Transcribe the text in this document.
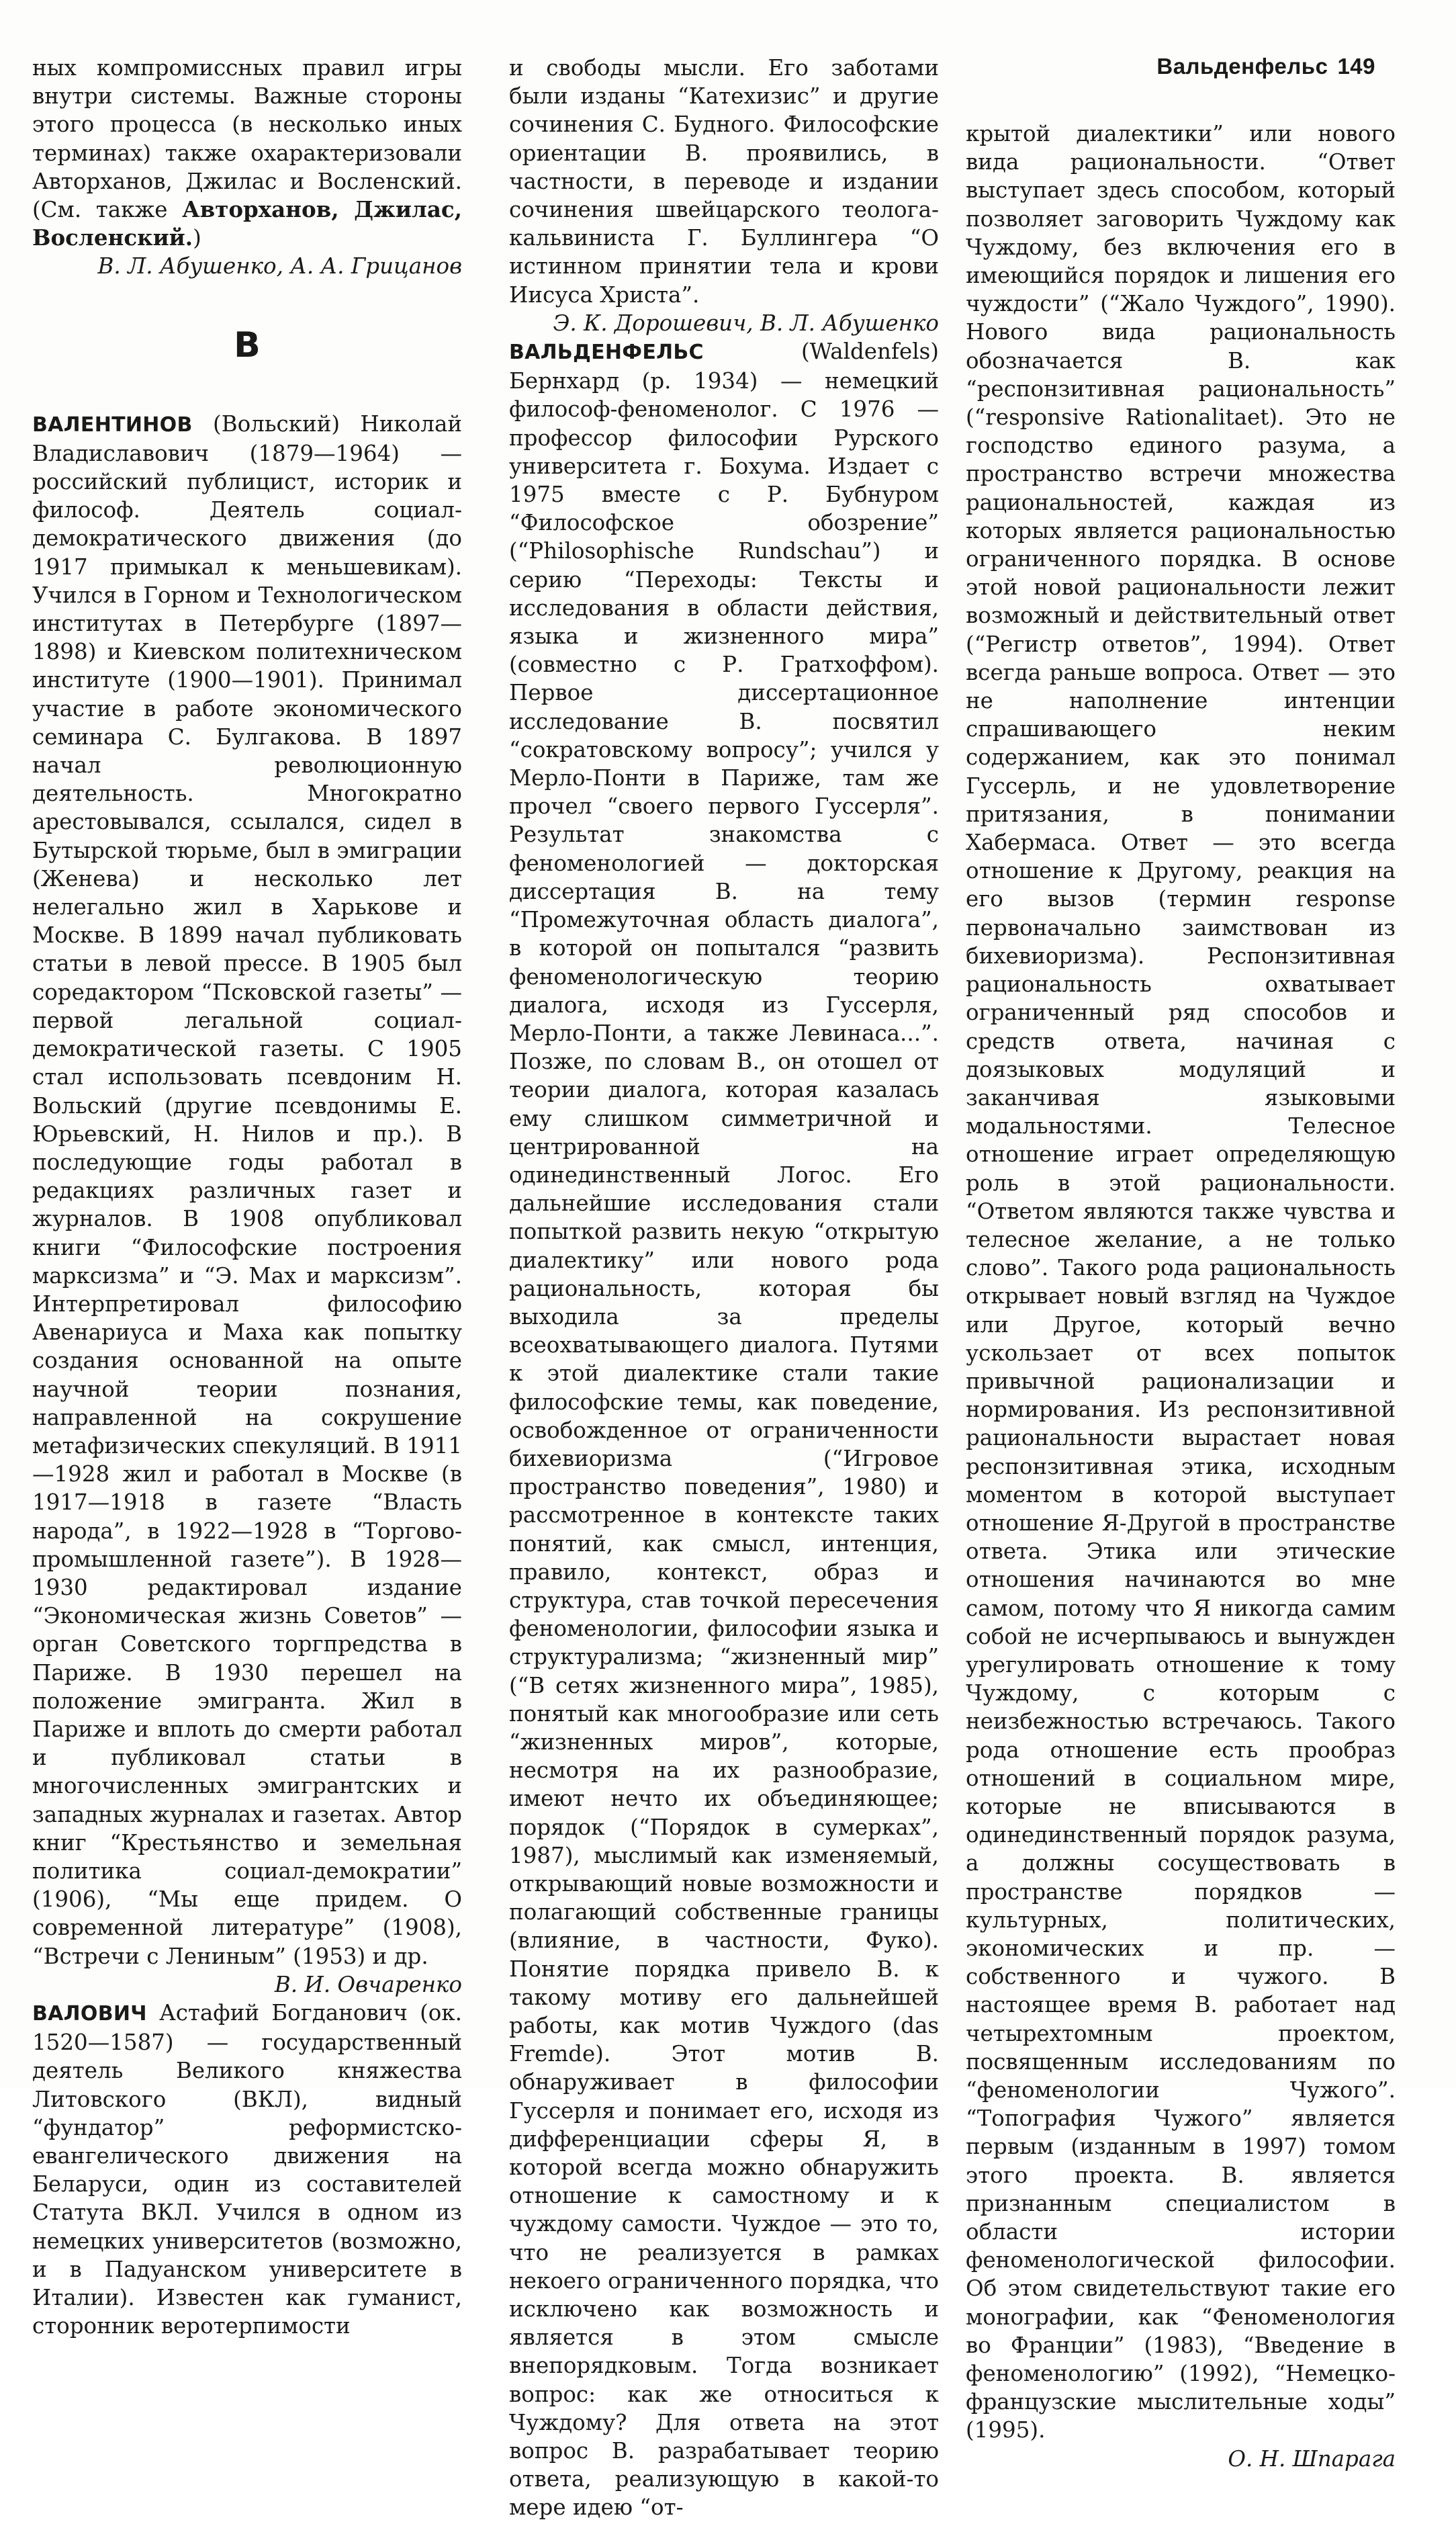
Вальденфельс 149

ных компромиссных правил игры внутри системы. Важные стороны этого процесса (в несколько иных терминах) также охарактеризовали Авторханов, Джилас и Восленский. (См. также Авторханов, Джилас, Восленский.)

В. Л. Абушенко, А. А. Грицанов

В

ВАЛЕНТИНОВ (Вольский) Николай Владиславович (1879—1964) — российский публицист, историк и философ. Деятель социал-демократического движения (до 1917 примыкал к меньшевикам). Учился в Горном и Технологическом институтах в Петербурге (1897—1898) и Киевском политехническом институте (1900—1901). Принимал участие в работе экономического семинара С. Булгакова. В 1897 начал революционную деятельность. Многократно арестовывался, ссылался, сидел в Бутырской тюрьме, был в эмиграции (Женева) и несколько лет нелегально жил в Харькове и Москве. В 1899 начал публиковать статьи в левой прессе. В 1905 был соредактором “Псковской газеты” — первой легальной социал-демократической газеты. С 1905 стал использовать псевдоним Н. Вольский (другие псевдонимы Е. Юрьевский, Н. Нилов и пр.). В последующие годы работал в редакциях различных газет и журналов. В 1908 опубликовал книги “Философские построения марксизма” и “Э. Мах и марксизм”. Интерпретировал философию Авенариуса и Маха как попытку создания основанной на опыте научной теории познания, направленной на сокрушение метафизических спекуляций. В 1911—1928 жил и работал в Москве (в 1917—1918 в газете “Власть народа”, в 1922—1928 в “Торгово-промышленной газете”). В 1928—1930 редактировал издание “Экономическая жизнь Советов” — орган Советского торгпредства в Париже. В 1930 перешел на положение эмигранта. Жил в Париже и вплоть до смерти работал и публиковал статьи в многочисленных эмигрантских и западных журналах и газетах. Автор книг “Крестьянство и земельная политика социал-демократии” (1906), “Мы еще придем. О современной литературе” (1908), “Встречи с Лениным” (1953) и др.

В. И. Овчаренко

ВАЛОВИЧ Астафий Богданович (ок. 1520—1587) — государственный деятель Великого княжества Литовского (ВКЛ), видный “фундатор” реформистско-евангелического движения на Беларуси, один из составителей Статута ВКЛ. Учился в одном из немецких университетов (возможно, и в Падуанском университете в Италии). Известен как гуманист, сторонник веротерпимости

и свободы мысли. Его заботами были изданы “Катехизис” и другие сочинения С. Будного. Философские ориентации В. проявились, в частности, в переводе и издании сочинения швейцарского теолога-кальвиниста Г. Буллингера “О истинном принятии тела и крови Иисуса Христа”.

Э. К. Дорошевич, В. Л. Абушенко

ВАЛЬДЕНФЕЛЬС (Waldenfels) Бернхард (р. 1934) — немецкий философ-феноменолог. С 1976 — профессор философии Рурского университета г. Бохума. Издает с 1975 вместе с Р. Бубнуром “Философское обозрение” (“Philosophische Rundschau”) и серию “Переходы: Тексты и исследования в области действия, языка и жизненного мира” (совместно с Р. Гратхоффом). Первое диссертационное исследование В. посвятил “сократовскому вопросу”; учился у Мерло-Понти в Париже, там же прочел “своего первого Гуссерля”. Результат знакомства с феноменологией — докторская диссертация В. на тему “Промежуточная область диалога”, в которой он попытался “развить феноменологическую теорию диалога, исходя из Гуссерля, Мерло-Понти, а также Левинаса...”. Позже, по словам В., он отошел от теории диалога, которая казалась ему слишком симметричной и центрированной на одинединственный Логос. Его дальнейшие исследования стали попыткой развить некую “открытую диалектику” или нового рода рациональность, которая бы выходила за пределы всеохватывающего диалога. Путями к этой диалектике стали такие философские темы, как поведение, освобожденное от ограниченности бихевиоризма (“Игровое пространство поведения”, 1980) и рассмотренное в контексте таких понятий, как смысл, интенция, правило, контекст, образ и структура, став точкой пересечения феноменологии, философии языка и структурализма; “жизненный мир” (“В сетях жизненного мира”, 1985), понятый как многообразие или сеть “жизненных миров”, которые, несмотря на их разнообразие, имеют нечто их объединяющее; порядок (“Порядок в сумерках”, 1987), мыслимый как изменяемый, открывающий новые возможности и полагающий собственные границы (влияние, в частности, Фуко). Понятие порядка привело В. к такому мотиву его дальнейшей работы, как мотив Чуждого (das Fremde). Этот мотив В. обнаруживает в философии Гуссерля и понимает его, исходя из дифференциации сферы Я, в которой всегда можно обнаружить отношение к самостному и к чуждому самости. Чуждое — это то, что не реализуется в рамках некоего ограниченного порядка, что исключено как возможность и является в этом смысле внепорядковым. Тогда возникает вопрос: как же относиться к Чуждому? Для ответа на этот вопрос В. разрабатывает теорию ответа, реализующую в какой-то мере идею “от-

крытой диалектики” или нового вида рациональности. “Ответ выступает здесь способом, который позволяет заговорить Чуждому как Чуждому, без включения его в имеющийся порядок и лишения его чуждости” (“Жало Чуждого”, 1990). Нового вида рациональность обозначается В. как “респонзитивная рациональность” (“responsive Rationalitaet). Это не господство единого разума, а пространство встречи множества рациональностей, каждая из которых является рациональностью ограниченного порядка. В основе этой новой рациональности лежит возможный и действительный ответ (“Регистр ответов”, 1994). Ответ всегда раньше вопроса. Ответ — это не наполнение интенции спрашивающего неким содержанием, как это понимал Гуссерль, и не удовлетворение притязания, в понимании Хабермаса. Ответ — это всегда отношение к Другому, реакция на его вызов (термин response первоначально заимствован из бихевиоризма). Респонзитивная рациональность охватывает ограниченный ряд способов и средств ответа, начиная с доязыковых модуляций и заканчивая языковыми модальностями. Телесное отношение играет определяющую роль в этой рациональности. “Ответом являются также чувства и телесное желание, а не только слово”. Такого рода рациональность открывает новый взгляд на Чуждое или Другое, который вечно ускользает от всех попыток привычной рационализации и нормирования. Из респонзитивной рациональности вырастает новая респонзитивная этика, исходным моментом в которой выступает отношение Я-Другой в пространстве ответа. Этика или этические отношения начинаются во мне самом, потому что Я никогда самим собой не исчерпываюсь и вынужден урегулировать отношение к тому Чуждому, с которым с неизбежностью встречаюсь. Такого рода отношение есть прообраз отношений в социальном мире, которые не вписываются в одинединственный порядок разума, а должны сосуществовать в пространстве порядков — культурных, политических, экономических и пр. — собственного и чужого. В настоящее время В. работает над четырехтомным проектом, посвященным исследованиям по “феноменологии Чужого”. “Топография Чужого” является первым (изданным в 1997) томом этого проекта. В. является признанным специалистом в области истории феноменологической философии. Об этом свидетельствуют такие его монографии, как “Феноменология во Франции” (1983), “Введение в феноменологию” (1992), “Немецко-французские мыслительные ходы” (1995).

О. Н. Шпарага
